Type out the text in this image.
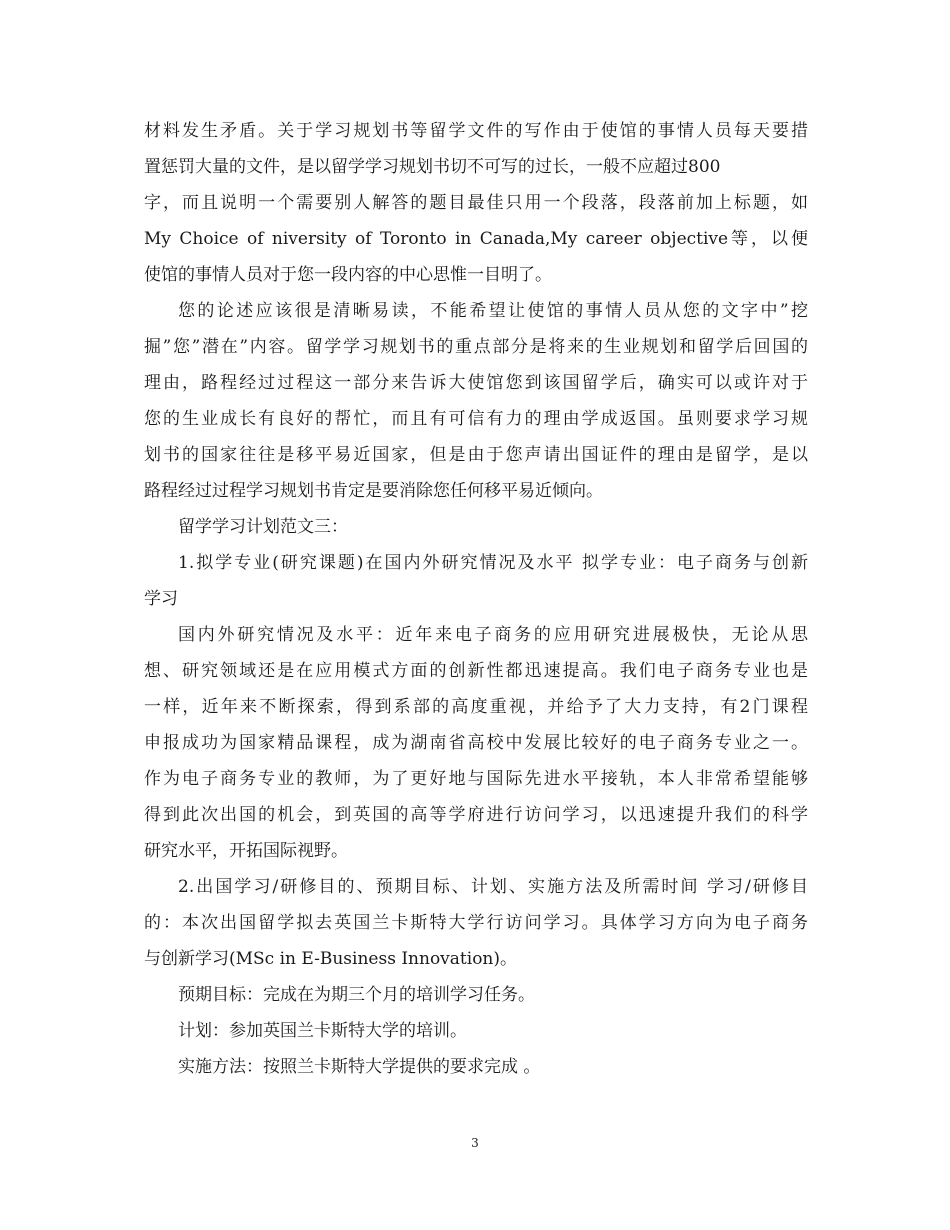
材料发生矛盾。关于学习规划书等留学文件的写作由于使馆的事情人员每天要措
置惩罚大量的文件，是以留学学习规划书切不可写的过长，一般不应超过800
字，而且说明一个需要别人解答的题目最佳只用一个段落，段落前加上标题，如
My Choice of niversity of Toronto in Canada,My career objective等，以便
使馆的事情人员对于您一段内容的中心思惟一目明了。
您的论述应该很是清晰易读，不能希望让使馆的事情人员从您的文字中”挖
掘”您”潜在”内容。留学学习规划书的重点部分是将来的生业规划和留学后回国的
理由，路程经过过程这一部分来告诉大使馆您到该国留学后，确实可以或许对于
您的生业成长有良好的帮忙，而且有可信有力的理由学成返国。虽则要求学习规
划书的国家往往是移平易近国家，但是由于您声请出国证件的理由是留学，是以
路程经过过程学习规划书肯定是要消除您任何移平易近倾向。
留学学习计划范文三：
1.拟学专业(研究课题)在国内外研究情况及水平 拟学专业：电子商务与创新
学习
国内外研究情况及水平：近年来电子商务的应用研究进展极快，无论从思
想、研究领域还是在应用模式方面的创新性都迅速提高。我们电子商务专业也是
一样，近年来不断探索，得到系部的高度重视，并给予了大力支持，有2门课程
申报成功为国家精品课程，成为湖南省高校中发展比较好的电子商务专业之一。
作为电子商务专业的教师，为了更好地与国际先进水平接轨，本人非常希望能够
得到此次出国的机会，到英国的高等学府进行访问学习，以迅速提升我们的科学
研究水平，开拓国际视野。
2.出国学习/研修目的、预期目标、计划、实施方法及所需时间 学习/研修目
的：本次出国留学拟去英国兰卡斯特大学行访问学习。具体学习方向为电子商务
与创新学习(MSc in E-Business Innovation)。
预期目标：完成在为期三个月的培训学习任务。
计划：参加英国兰卡斯特大学的培训。
实施方法：按照兰卡斯特大学提供的要求完成 。
3
